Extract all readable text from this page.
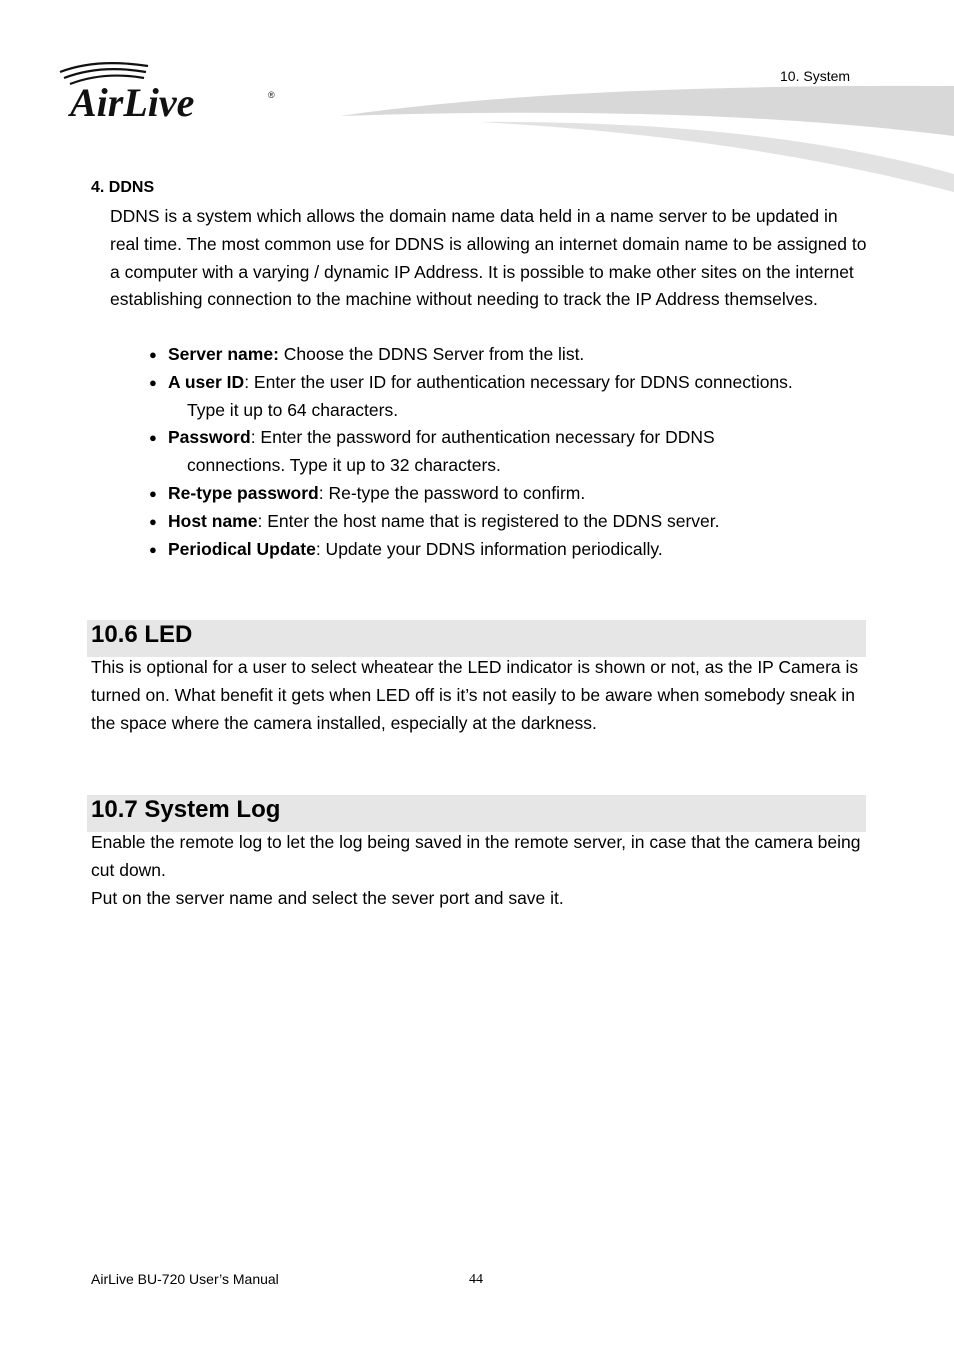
AirLive	®
10. System
4. DDNS
DDNS is a system which allows the domain name data held in a name server to be updated in real time. The most common use for DDNS is allowing an internet domain name to be assigned to a computer with a varying / dynamic IP Address. It is possible to make other sites on the internet establishing connection to the machine without needing to track the IP Address themselves.
● Server name: Choose the DDNS Server from the list.
● A user ID: Enter the user ID for authentication necessary for DDNS connections.
Type it up to 64 characters.
● Password: Enter the password for authentication necessary for DDNS
connections. Type it up to 32 characters.
● Re-type password: Re-type the password to confirm.
● Host name: Enter the host name that is registered to the DDNS server.
● Periodical Update: Update your DDNS information periodically.
10.6 LED
This is optional for a user to select wheatear the LED indicator is shown or not, as the IP Camera is turned on. What benefit it gets when LED off is it’s not easily to be aware when somebody sneak in the space where the camera installed, especially at the darkness.
10.7 System Log
Enable the remote log to let the log being saved in the remote server, in case that the camera being cut down.
Put on the server name and select the sever port and save it.
AirLive BU-720 User’s Manual	44
